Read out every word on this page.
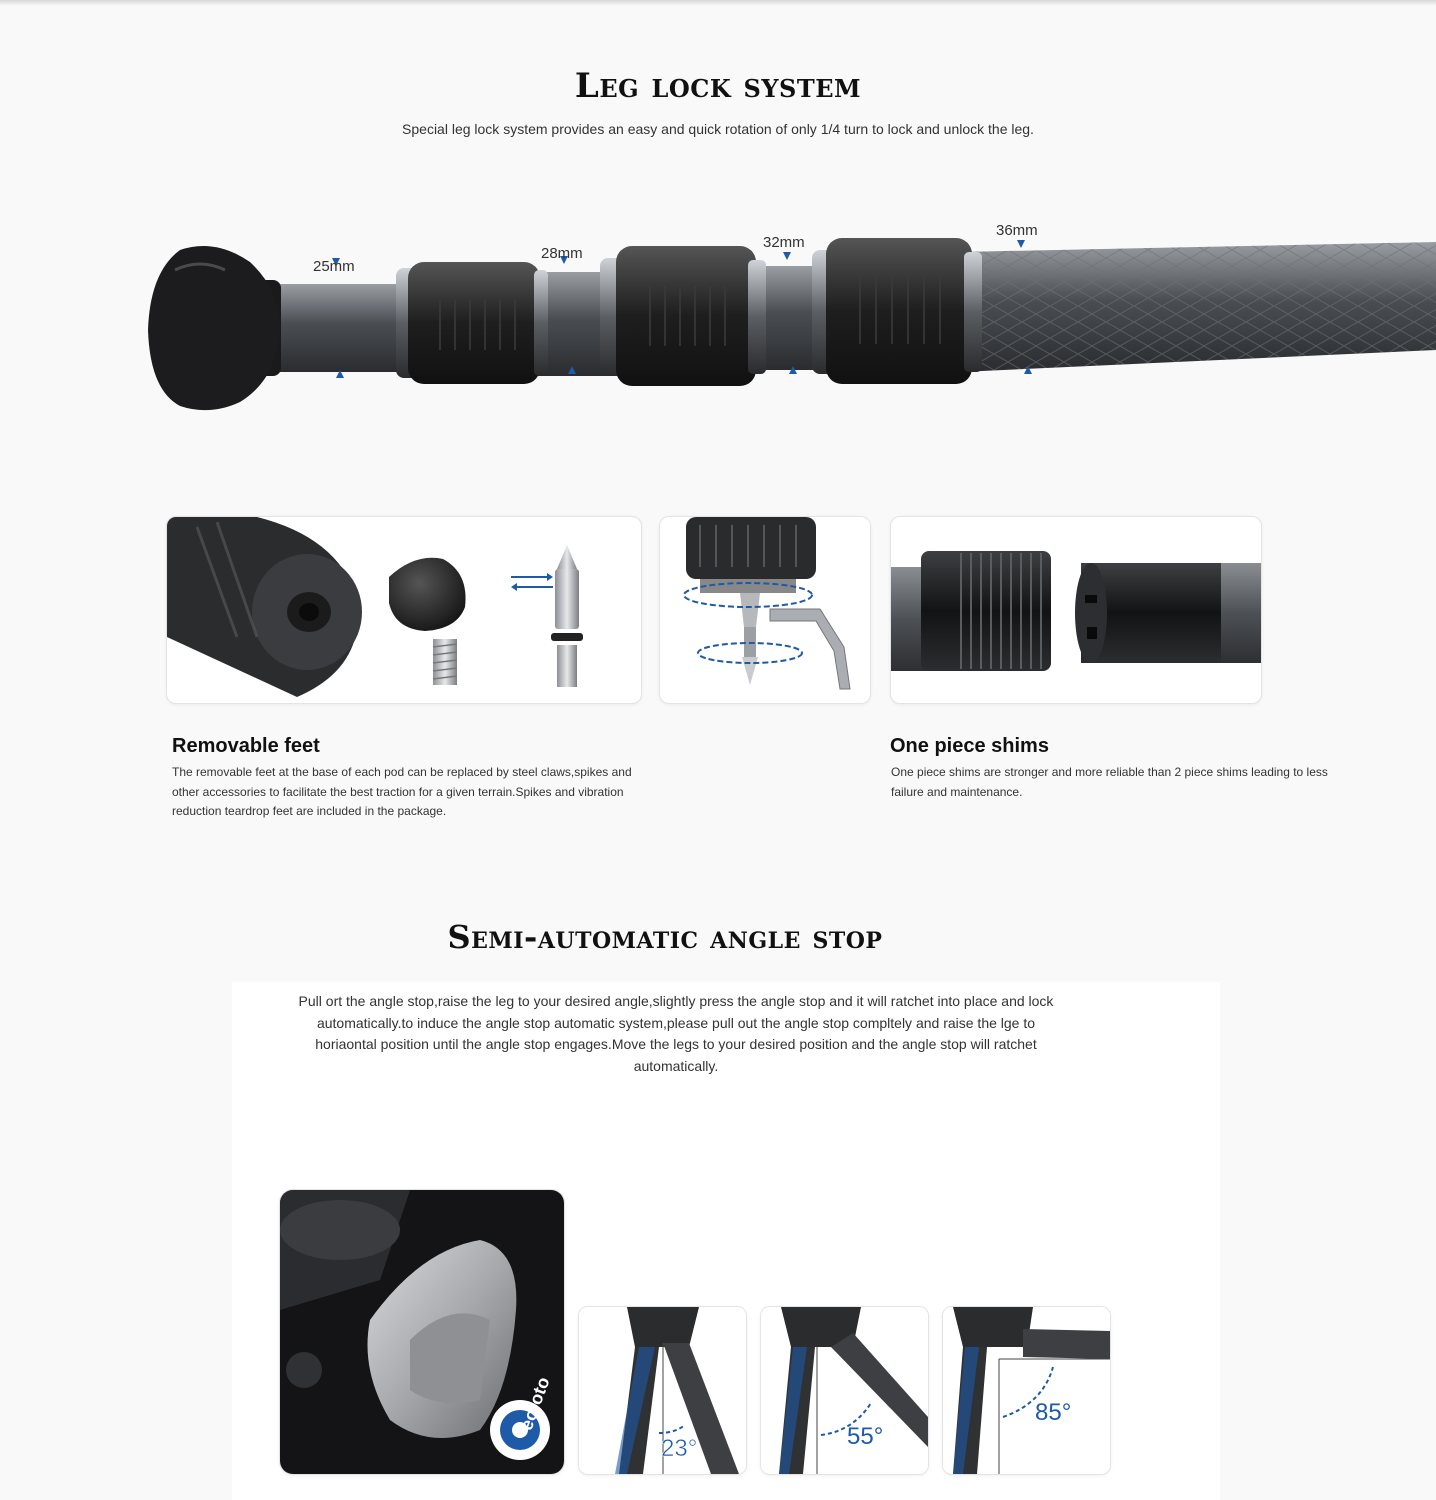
Leg lock system
Special leg lock system provides an easy and quick rotation of only 1/4 turn to lock and unlock the leg.
25mm
28mm
32mm
36mm
Removable feet
The removable feet at the base of each pod can be replaced by steel claws,spikes and other accessories to facilitate the best traction for a given terrain.Spikes and vibration reduction teardrop feet are included in the package.
One piece shims
One piece shims are stronger and more reliable than 2 piece shims leading to less failure and maintenance.
Semi-automatic angle stop
Pull ort the angle stop,raise the leg to your desired angle,slightly press the angle stop and it will ratchet into place and lock automatically.to induce the angle stop automatic system,please pull out the angle stop compltely and raise the lge to horiaontal position until the angle stop engages.Move the legs to your desired position and the angle stop will ratchet automatically.
eofoto
23°	55°
85°
